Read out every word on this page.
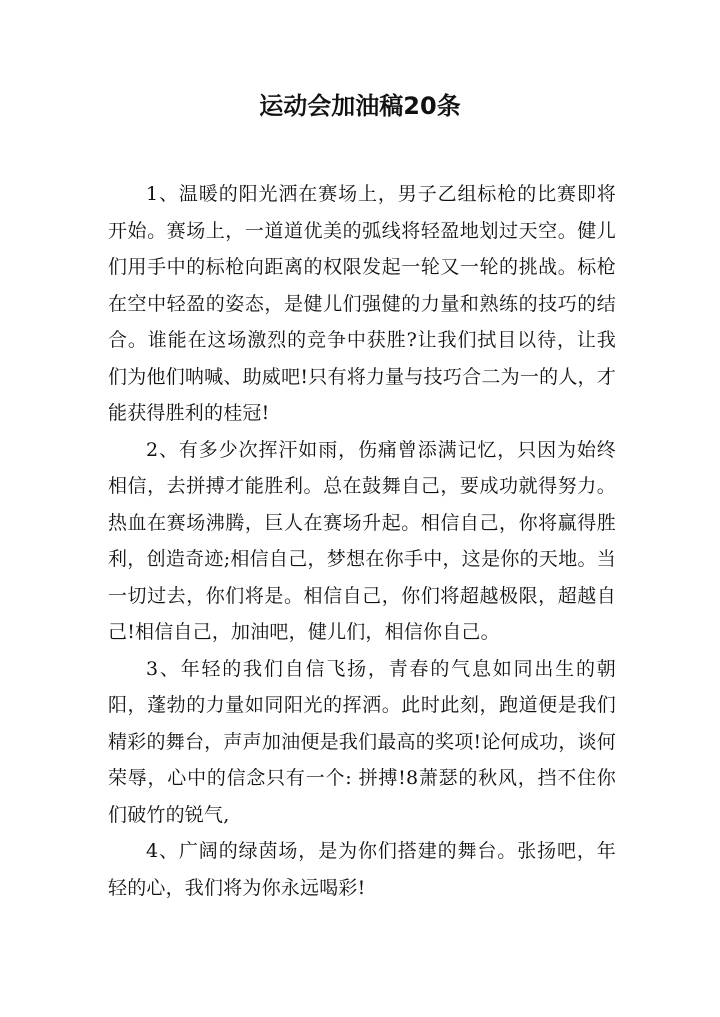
运动会加油稿20条

1、温暖的阳光洒在赛场上，男子乙组标枪的比赛即将开始。赛场上，一道道优美的弧线将轻盈地划过天空。健儿们用手中的标枪向距离的权限发起一轮又一轮的挑战。标枪在空中轻盈的姿态，是健儿们强健的力量和熟练的技巧的结合。谁能在这场激烈的竞争中获胜?让我们拭目以待，让我们为他们呐喊、助威吧!只有将力量与技巧合二为一的人，才能获得胜利的桂冠!

2、有多少次挥汗如雨，伤痛曾添满记忆，只因为始终相信，去拼搏才能胜利。总在鼓舞自己，要成功就得努力。热血在赛场沸腾，巨人在赛场升起。相信自己，你将赢得胜利，创造奇迹;相信自己，梦想在你手中，这是你的天地。当一切过去，你们将是。相信自己，你们将超越极限，超越自己!相信自己，加油吧，健儿们，相信你自己。

3、年轻的我们自信飞扬，青春的气息如同出生的朝阳，蓬勃的力量如同阳光的挥洒。此时此刻，跑道便是我们精彩的舞台，声声加油便是我们最高的奖项!论何成功，谈何荣辱，心中的信念只有一个: 拼搏!8萧瑟的秋风，挡不住你们破竹的锐气,

4、广阔的绿茵场，是为你们搭建的舞台。张扬吧，年轻的心，我们将为你永远喝彩!
